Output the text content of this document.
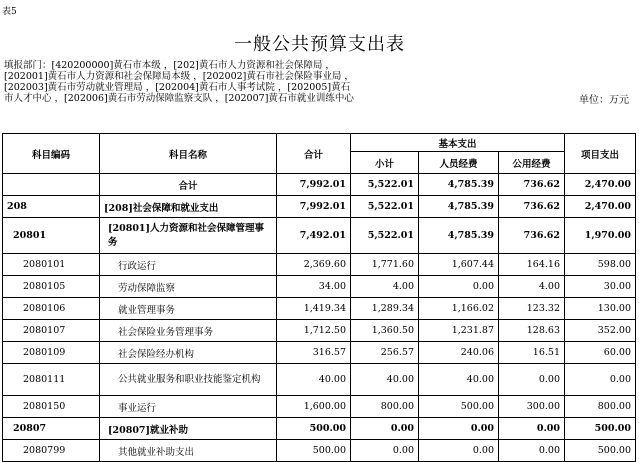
表5
一般公共预算支出表
填报部门：[420200000]黄石市本级 ，[202]黄石市人力资源和社会保障局 ，[202001]黄石市人力资源和社会保障局本级 ，[202002]黄石市社会保险事业局 ，[202003]黄石市劳动就业管理局 ，[202004]黄石市人事考试院 ，[202005]黄石市人才中心 ，[202006]黄石市劳动保障监察支队 ，[202007]黄石市就业训练中心	单位：万元
科目编码	科目名称	合计	基本支出			项目支出
			小计	人员经费	公用经费	
	合计	7,992.01	5,522.01	4,785.39	736.62	2,470.00
208	[208]社会保障和就业支出	7,992.01	5,522.01	4,785.39	736.62	2,470.00
20801	[20801]人力资源和社会保障管理事务	7,492.01	5,522.01	4,785.39	736.62	1,970.00
2080101	行政运行	2,369.60	1,771.60	1,607.44	164.16	598.00
2080105	劳动保障监察	34.00	4.00	0.00	4.00	30.00
2080106	就业管理事务	1,419.34	1,289.34	1,166.02	123.32	130.00
2080107	社会保险业务管理事务	1,712.50	1,360.50	1,231.87	128.63	352.00
2080109	社会保险经办机构	316.57	256.57	240.06	16.51	60.00
2080111	公共就业服务和职业技能鉴定机构	40.00	40.00	40.00	0.00	0.00
2080150	事业运行	1,600.00	800.00	500.00	300.00	800.00
20807	[20807]就业补助	500.00	0.00	0.00	0.00	500.00
2080799	其他就业补助支出	500.00	0.00	0.00	0.00	500.00
